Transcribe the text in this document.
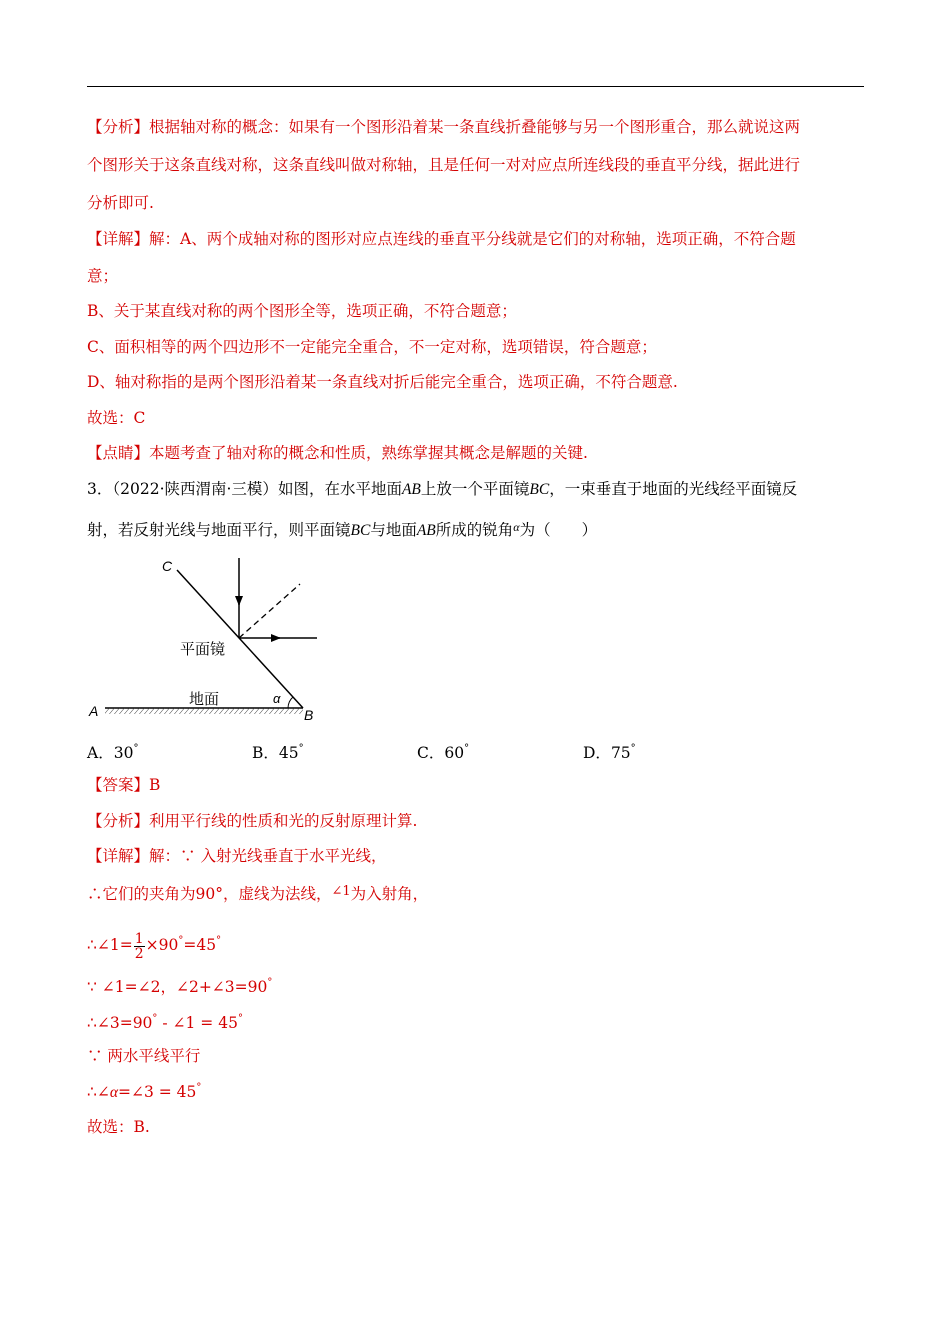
【分析】根据轴对称的概念：如果有一个图形沿着某一条直线折叠能够与另一个图形重合，那么就说这两
个图形关于这条直线对称，这条直线叫做对称轴，且是任何一对对应点所连线段的垂直平分线，据此进行
分析即可.
【详解】解：A、两个成轴对称的图形对应点连线的垂直平分线就是它们的对称轴，选项正确，不符合题
意；
B、关于某直线对称的两个图形全等，选项正确，不符合题意；
C、面积相等的两个四边形不一定能完全重合，不一定对称，选项错误，符合题意；
D、轴对称指的是两个图形沿着某一条直线对折后能完全重合，选项正确，不符合题意.
故选：C
【点睛】本题考查了轴对称的概念和性质，熟练掌握其概念是解题的关键.
3．（2022·陕西渭南·三模）如图，在水平地面AB上放一个平面镜BC，一束垂直于地面的光线经平面镜反
射，若反射光线与地面平行，则平面镜BC与地面AB所成的锐角$^\alpha$为（　　）
C
A	B
平面镜
地面	α
A．30°	B．45°	C．60°	D．75°
【答案】B
【分析】利用平行线的性质和光的反射原理计算.
【详解】解：∵ 入射光线垂直于水平光线，
∴它们的夹角为90°，虚线为法线，$^{\angle 1}$为入射角，
∴∠1= $\frac{1}{2} \times 90^\circ=45^\circ$
∵ ∠1=∠2，∠2+∠3=90°
∴∠3=90° - ∠1 = 45°
∵ 两水平线平行
∴∠α=∠3 = 45°
故选：B.
